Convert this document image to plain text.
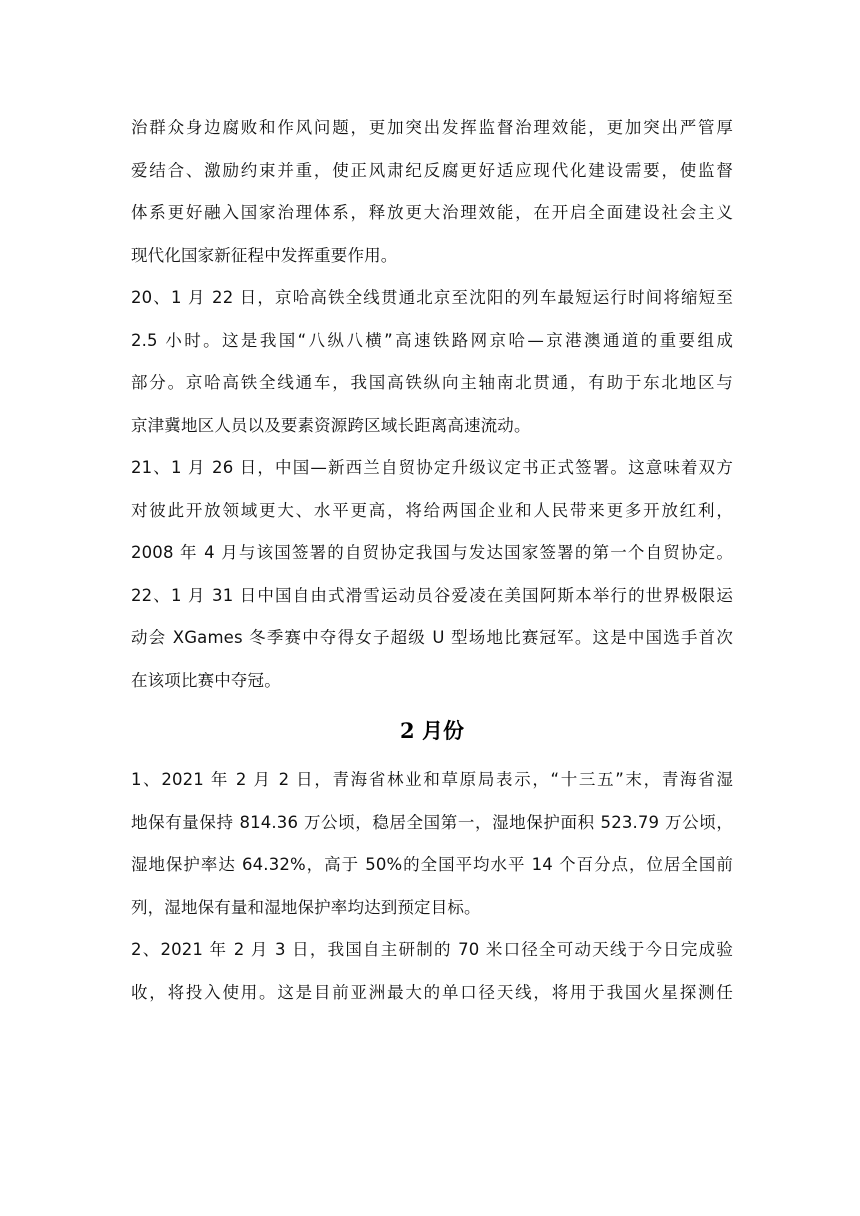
治群众身边腐败和作风问题，更加突出发挥监督治理效能，更加突出严管厚
爱结合、激励约束并重，使正风肃纪反腐更好适应现代化建设需要，使监督
体系更好融入国家治理体系，释放更大治理效能，在开启全面建设社会主义
现代化国家新征程中发挥重要作用。
20、1 月 22 日，京哈高铁全线贯通北京至沈阳的列车最短运行时间将缩短至
2.5 小时。这是我国“八纵八横”高速铁路网京哈—京港澳通道的重要组成
部分。京哈高铁全线通车，我国高铁纵向主轴南北贯通，有助于东北地区与
京津冀地区人员以及要素资源跨区域长距离高速流动。
21、1 月 26 日，中国—新西兰自贸协定升级议定书正式签署。这意味着双方
对彼此开放领域更大、水平更高，将给两国企业和人民带来更多开放红利，
2008 年 4 月与该国签署的自贸协定我国与发达国家签署的第一个自贸协定。
22、1 月 31 日中国自由式滑雪运动员谷爱凌在美国阿斯本举行的世界极限运
动会 XGames 冬季赛中夺得女子超级 U 型场地比赛冠军。这是中国选手首次
在该项比赛中夺冠。
2 月份
1、2021 年 2 月 2 日，青海省林业和草原局表示，“十三五”末，青海省湿
地保有量保持 814.36 万公顷，稳居全国第一，湿地保护面积 523.79 万公顷，
湿地保护率达 64.32%，高于 50%的全国平均水平 14 个百分点，位居全国前
列，湿地保有量和湿地保护率均达到预定目标。
2、2021 年 2 月 3 日，我国自主研制的 70 米口径全可动天线于今日完成验
收，将投入使用。这是目前亚洲最大的单口径天线，将用于我国火星探测任
